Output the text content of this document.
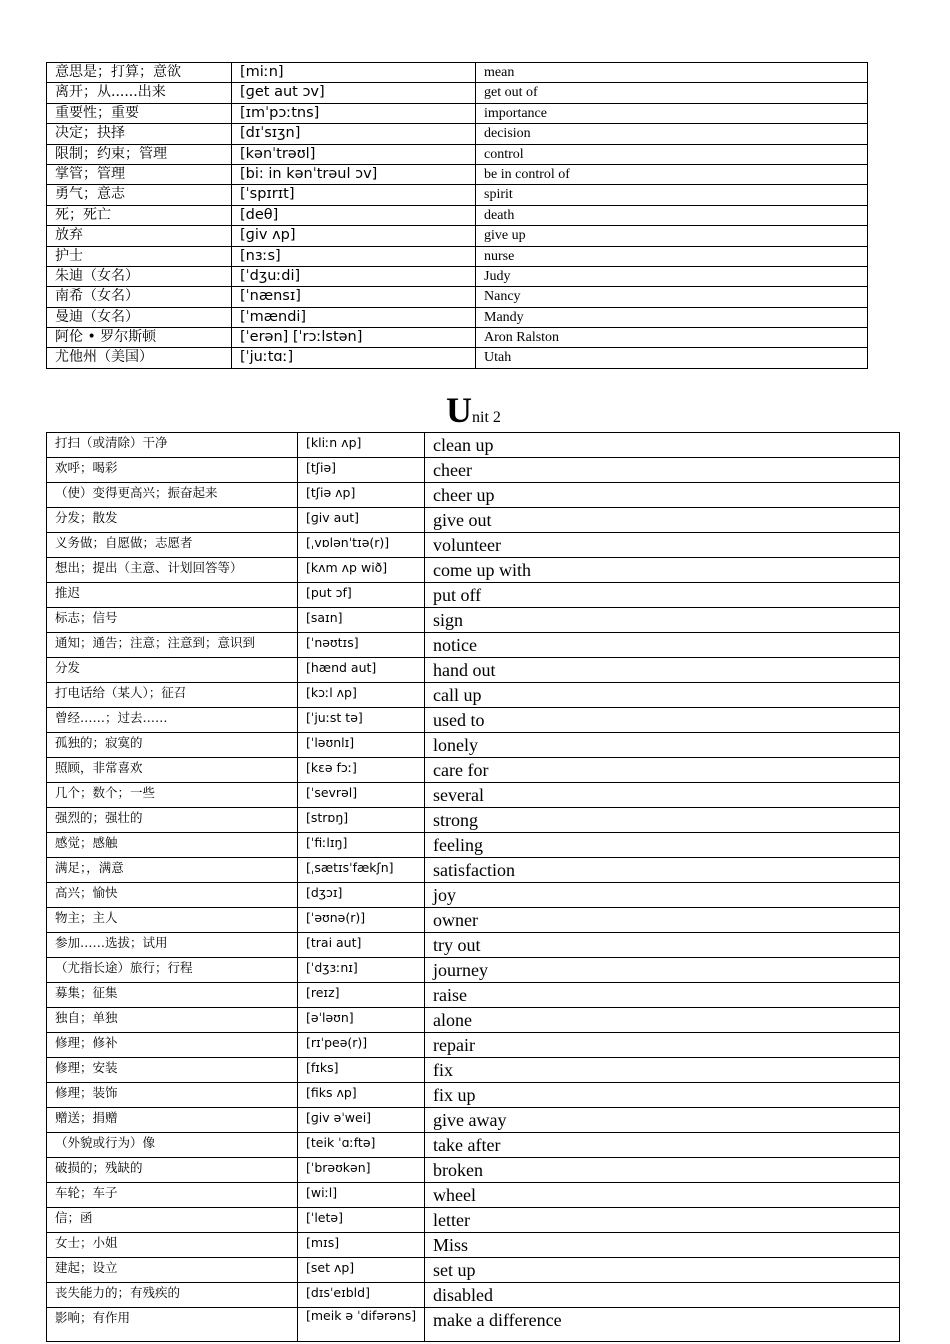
意思是；打算；意欲	[miːn]	mean
离开；从......出来	[ɡet aut ɔv]	get out of
重要性；重要	[ɪmˈpɔːtns]	importance
决定；抉择	[dɪˈsɪʒn]	decision
限制；约束；管理	[kənˈtrəʊl]	control
掌管；管理	[bi: in kənˈtrəul ɔv]	be in control of
勇气；意志	[ˈspɪrɪt]	spirit
死；死亡	[deθ]	death
放弃	[ɡiv ʌp]	give up
护士	[nɜːs]	nurse
朱迪（女名）	[ˈdʒuːdi]	Judy
南希（女名）	[ˈnænsɪ]	Nancy
曼迪（女名）	[ˈmændi]	Mandy
阿伦 • 罗尔斯顿	[ˈerən] [ˈrɔːlstən]	Aron Ralston
尤他州（美国）	[ˈjuːtɑː]	Utah
Unit 2
打扫（或清除）干净	[kliːn ʌp]	clean up
欢呼；喝彩	[tʃiə]	cheer
（使）变得更高兴；振奋起来	[tʃiə ʌp]	cheer up
分发；散发	[ɡiv aut]	give out
义务做；自愿做；志愿者	[ˌvɒlənˈtɪə(r)]	volunteer
想出；提出（主意、计划回答等）	[kʌm ʌp wið]	come up with
推迟	[put ɔf]	put off
标志；信号	[saɪn]	sign
通知；通告；注意；注意到；意识到	[ˈnəʊtɪs]	notice
分发	[hænd aut]	hand out
打电话给（某人）；征召	[kɔːl ʌp]	call up
曾经……；过去……	[ˈjuːst tə]	used to
孤独的；寂寞的	[ˈləʊnlɪ]	lonely
照顾，非常喜欢	[kɛə fɔː]	care for
几个；数个；一些	[ˈsevrəl]	several
强烈的；强壮的	[strɒŋ]	strong
感觉；感触	[ˈfiːlɪŋ]	feeling
满足；，满意	[ˌsætɪsˈfækʃn]	satisfaction
高兴；愉快	[dʒɔɪ]	joy
物主；主人	[ˈəʊnə(r)]	owner
参加……选拔；试用	[trai aut]	try out
（尤指长途）旅行；行程	[ˈdʒɜːnɪ]	journey
募集；征集	[reɪz]	raise
独自；单独	[əˈləʊn]	alone
修理；修补	[rɪˈpeə(r)]	repair
修理；安装	[fɪks]	fix
修理；装饰	[fiks ʌp]	fix up
赠送；捐赠	[ɡiv əˈwei]	give away
（外貌或行为）像	[teik ˈɑːftə]	take after
破损的；残缺的	[ˈbrəʊkən]	broken
车轮；车子	[wiːl]	wheel
信；函	[ˈletə]	letter
女士；小姐	[mɪs]	Miss
建起；设立	[set ʌp]	set up
丧失能力的；有残疾的	[dɪsˈeɪbld]	disabled
影响；有作用	[meik ə ˈdifərəns]	make a difference
